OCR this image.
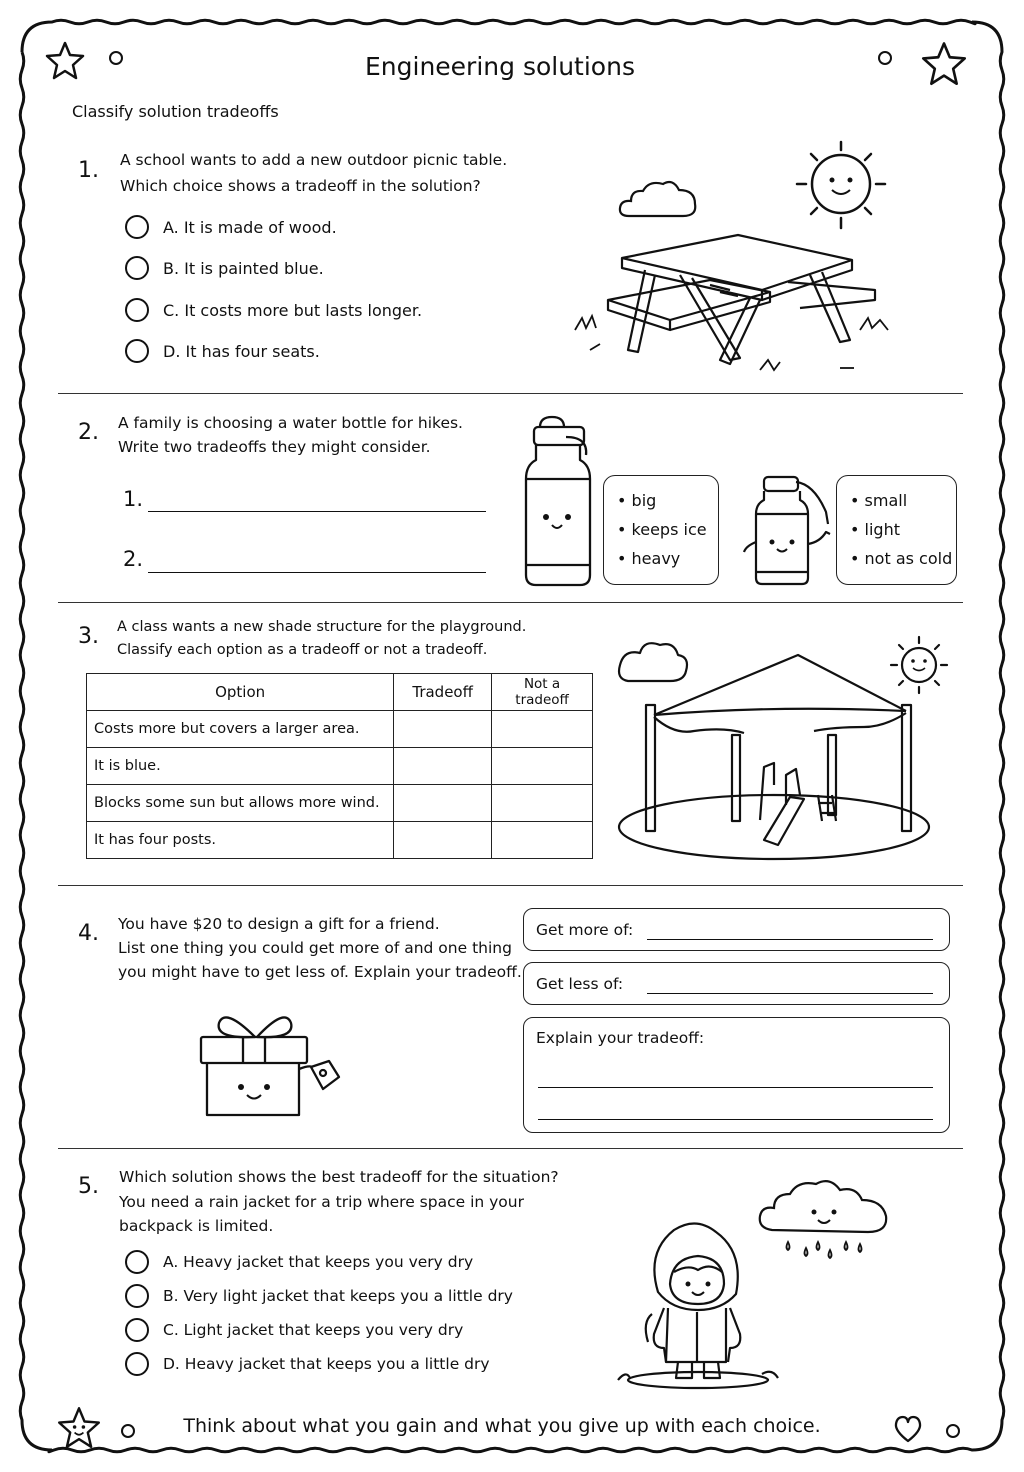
Engineering solutions
Classify solution tradeoffs
1. A school wants to add a new outdoor picnic table.
Which choice shows a tradeoff in the solution?
A. It is made of wood.
B. It is painted blue.
C. It costs more but lasts longer.
D. It has four seats.
2. A family is choosing a water bottle for hikes.
Write two tradeoffs they might consider.
1.
2.
• big
• keeps ice
• heavy
• small
• light
• not as cold
3. A class wants a new shade structure for the playground.
Classify each option as a tradeoff or not a tradeoff.
Option	Tradeoff	Not a tradeoff
Costs more but covers a larger area.		
It is blue.		
Blocks some sun but allows more wind.		
It has four posts.		
4. You have $20 to design a gift for a friend.
List one thing you could get more of and one thing
you might have to get less of. Explain your tradeoff.
Get more of:
Get less of:
Explain your tradeoff:
5. Which solution shows the best tradeoff for the situation?
You need a rain jacket for a trip where space in your
backpack is limited.
A. Heavy jacket that keeps you very dry
B. Very light jacket that keeps you a little dry
C. Light jacket that keeps you very dry
D. Heavy jacket that keeps you a little dry
Think about what you gain and what you give up with each choice.
